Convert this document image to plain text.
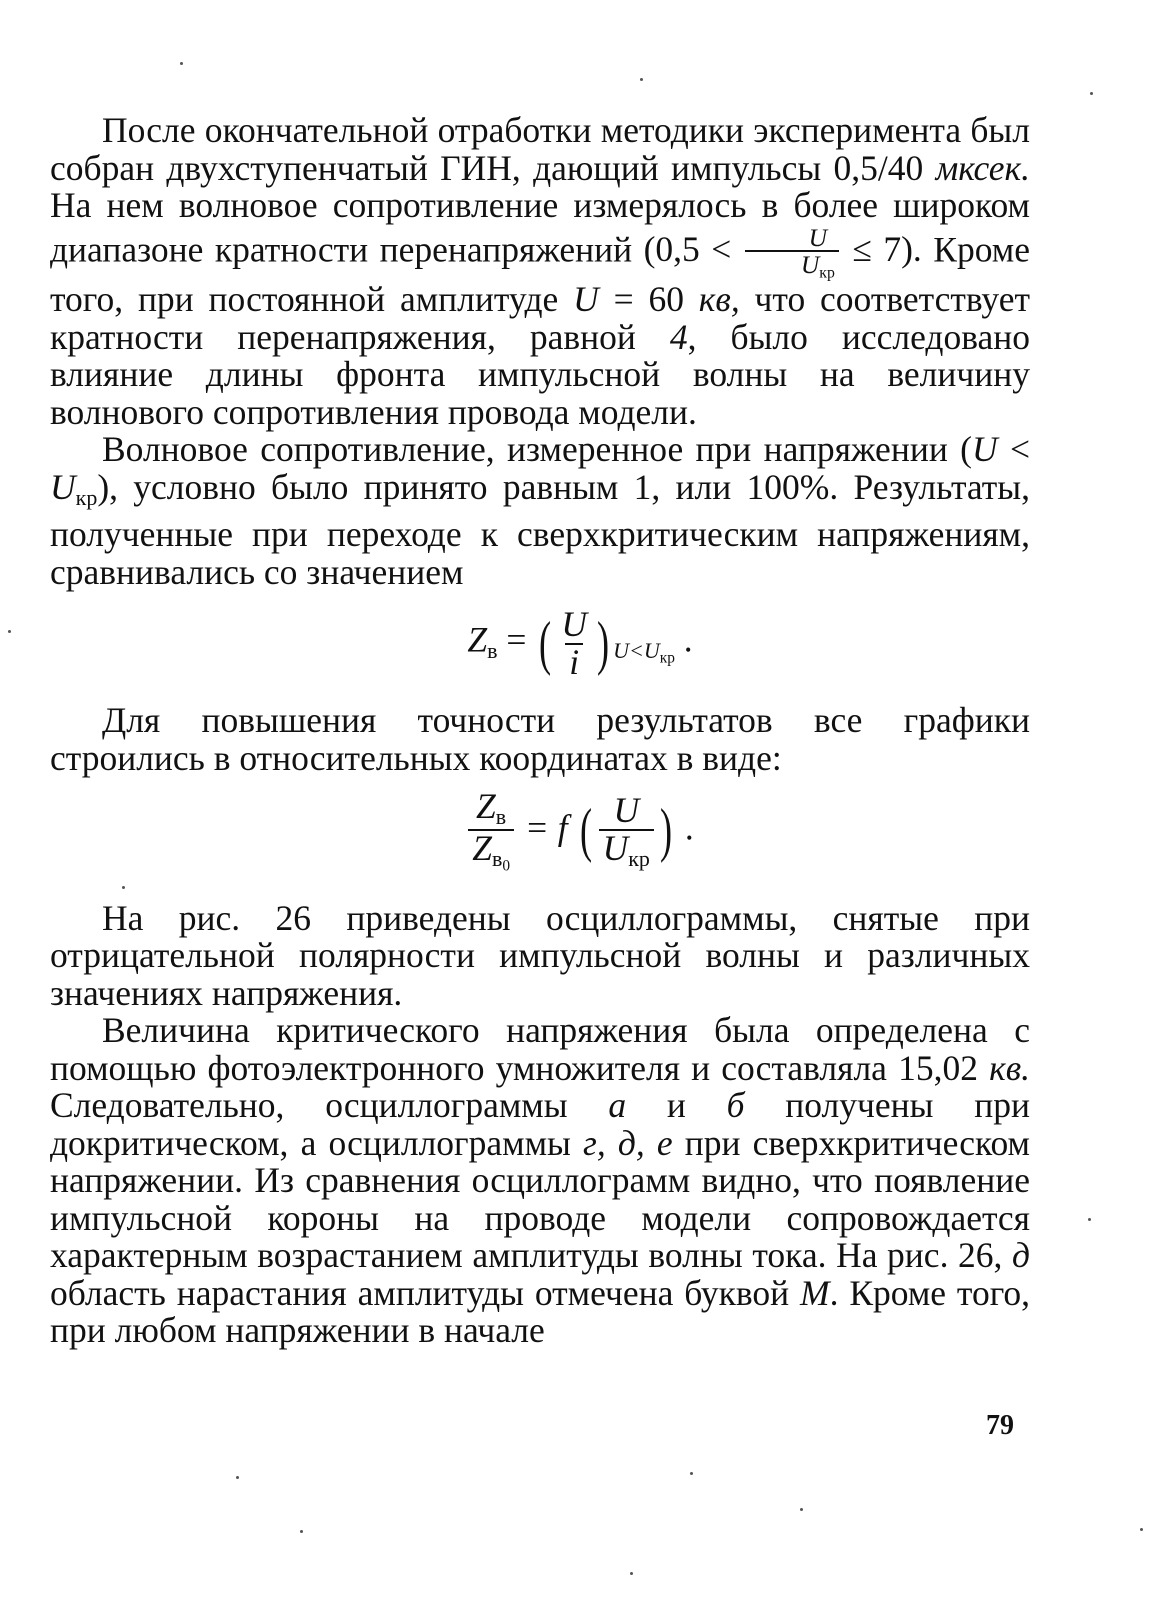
После окончательной отработки методики эксперимента был собран двухступенчатый ГИН, дающий импульсы 0,5/40 мксек. На нем волновое сопротивление измерялось в более широком диапазоне кратности перенапряжений $(0,5 < \frac{U}{U_{кр}} \le 7)$. Кроме того, при постоянной амплитуде U = 60 кв, что соответствует кратности перенапряжения, равной 4, было исследовано влияние длины фронта импульсной волны на величину волнового сопротивления провода модели.

Волновое сопротивление, измеренное при напряжении $(U < U_{кр})$, условно было принято равным 1, или 100%. Результаты, полученные при переходе к сверхкритическим напряжениям, сравнивались со значением

$Z_в$ = ( $\frac{U}{i}$ ) $_{U<U_{кр}}$ .

Для повышения точности результатов все графики строились в относительных координатах в виде:

$\frac{Z_в}{Z_{в_0}} = f$ ( $\frac{U}{U_{кр}}$ ) .

На рис. 26 приведены осциллограммы, снятые при отрицательной полярности импульсной волны и различных значениях напряжения.

Величина критического напряжения была определена с помощью фотоэлектронного умножителя и составляла 15,02 кв. Следовательно, осциллограммы а и б получены при докритическом, а осциллограммы г, д, е при сверхкритическом напряжении. Из сравнения осциллограмм видно, что появление импульсной короны на проводе модели сопровождается характерным возрастанием амплитуды волны тока. На рис. 26, д область нарастания амплитуды отмечена буквой М. Кроме того, при любом напряжении в начале

79
